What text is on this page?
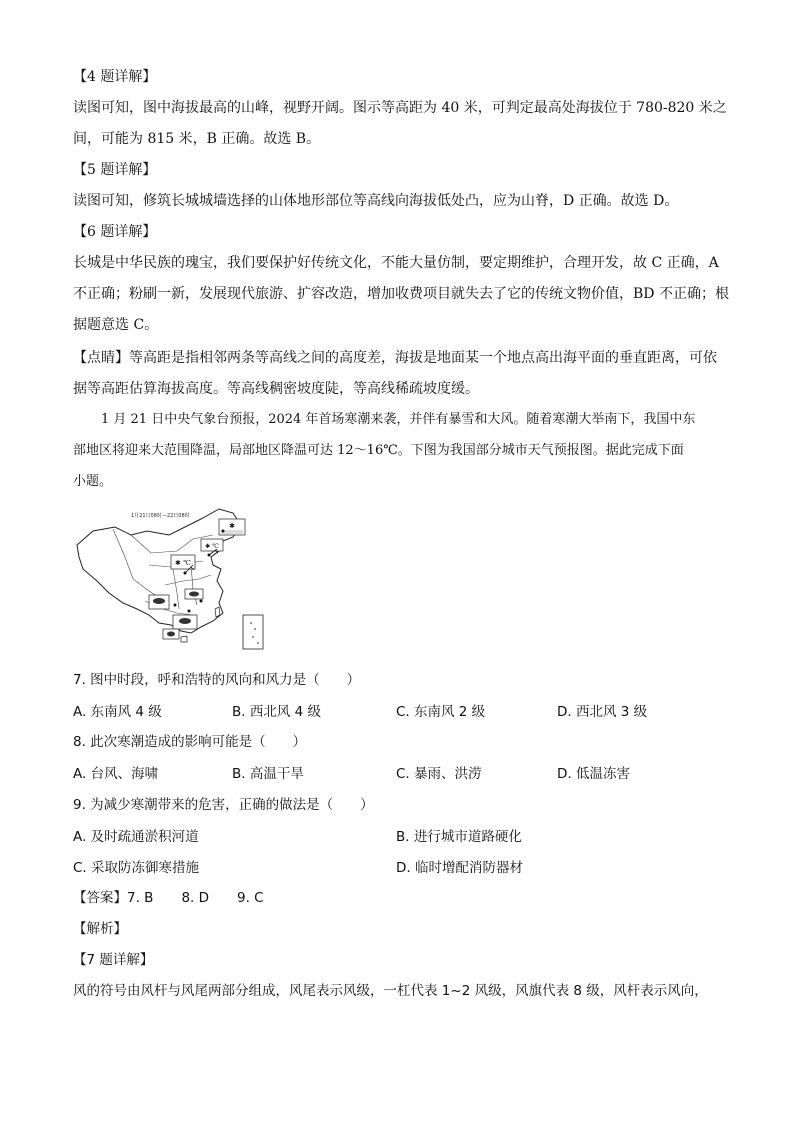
【4 题详解】
读图可知，图中海拔最高的山峰，视野开阔。图示等高距为 40 米，可判定最高处海拔位于 780-820 米之
间，可能为 815 米，B 正确。故选 B。
【5 题详解】
读图可知，修筑长城城墙选择的山体地形部位等高线向海拔低处凸，应为山脊，D 正确。故选 D。
【6 题详解】
长城是中华民族的瑰宝，我们要保护好传统文化，不能大量仿制，要定期维护，合理开发，故 C 正确，A
不正确；粉刷一新，发展现代旅游、扩容改造，增加收费项目就失去了它的传统文物价值，BD 不正确；根
据题意选 C。
【点睛】等高距是指相邻两条等高线之间的高度差，海拔是地面某一个地点高出海平面的垂直距离，可依
据等高距估算海拔高度。等高线稠密坡度陡，等高线稀疏坡度缓。
1 月 21 日中央气象台预报，2024 年首场寒潮来袭，并伴有暴雪和大风。随着寒潮大举南下，我国中东
部地区将迎来大范围降温，局部地区降温可达 12～16℃。下图为我国部分城市天气预报图。据此完成下面
小题。
1月21日08时—22日08时
✱
✱ ℃
✱ ℃
7. 图中时段，呼和浩特的风向和风力是（　　）
A. 东南风 4 级	B. 西北风 4 级	C. 东南风 2 级	D. 西北风 3 级
8. 此次寒潮造成的影响可能是（　　）
A. 台风、海啸	B. 高温干旱	C. 暴雨、洪涝	D. 低温冻害
9. 为减少寒潮带来的危害，正确的做法是（　　）
A. 及时疏通淤积河道	B. 进行城市道路硬化
C. 采取防冻御寒措施	D. 临时增配消防器材
【答案】7. B 8. D 9. C
【解析】
【7 题详解】
风的符号由风杆与风尾两部分组成，风尾表示风级，一杠代表 1~2 风级，风旗代表 8 级，风杆表示风向，
